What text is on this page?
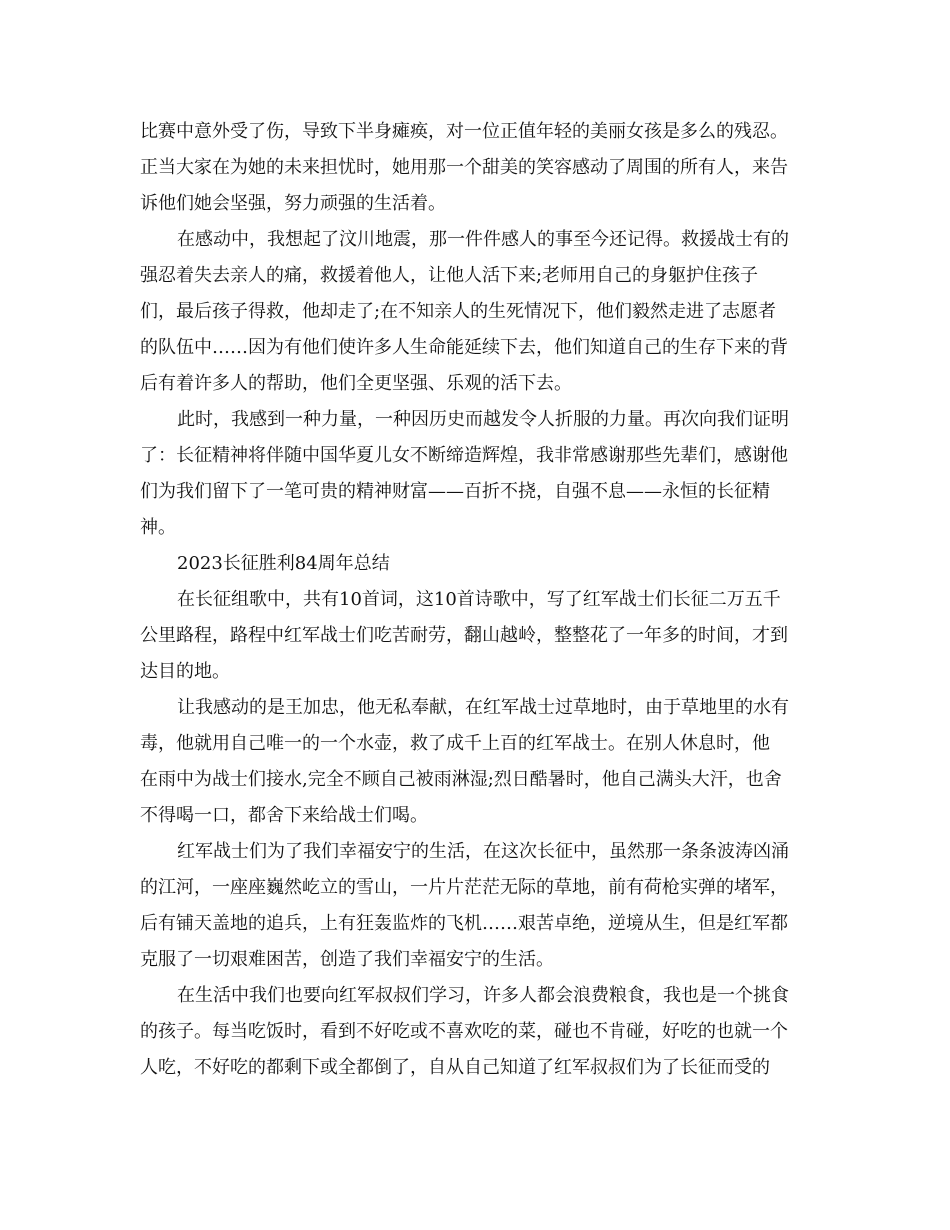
比赛中意外受了伤，导致下半身瘫痪，对一位正值年轻的美丽女孩是多么的残忍。

正当大家在为她的未来担忧时，她用那一个甜美的笑容感动了周围的所有人，来告

诉他们她会坚强，努力顽强的生活着。

在感动中，我想起了汶川地震，那一件件感人的事至今还记得。救援战士有的

强忍着失去亲人的痛，救援着他人，让他人活下来;老师用自己的身躯护住孩子

们，最后孩子得救，他却走了;在不知亲人的生死情况下，他们毅然走进了志愿者

的队伍中……因为有他们使许多人生命能延续下去，他们知道自己的生存下来的背

后有着许多人的帮助，他们全更坚强、乐观的活下去。

此时，我感到一种力量，一种因历史而越发令人折服的力量。再次向我们证明

了：长征精神将伴随中国华夏儿女不断缔造辉煌，我非常感谢那些先辈们，感谢他

们为我们留下了一笔可贵的精神财富——百折不挠，自强不息——永恒的长征精

神。

2023长征胜利84周年总结

在长征组歌中，共有10首词，这10首诗歌中，写了红军战士们长征二万五千

公里路程，路程中红军战士们吃苦耐劳，翻山越岭，整整花了一年多的时间，才到

达目的地。

让我感动的是王加忠，他无私奉献，在红军战士过草地时，由于草地里的水有

毒，他就用自己唯一的一个水壶，救了成千上百的红军战士。在别人休息时，他

在雨中为战士们接水,完全不顾自己被雨淋湿;烈日酷暑时，他自己满头大汗，也舍

不得喝一口，都舍下来给战士们喝。

红军战士们为了我们幸福安宁的生活，在这次长征中，虽然那一条条波涛凶涌

的江河，一座座巍然屹立的雪山，一片片茫茫无际的草地，前有荷枪实弹的堵军，

后有铺天盖地的追兵，上有狂轰监炸的飞机……艰苦卓绝，逆境从生，但是红军都

克服了一切艰难困苦，创造了我们幸福安宁的生活。

在生活中我们也要向红军叔叔们学习，许多人都会浪费粮食，我也是一个挑食

的孩子。每当吃饭时，看到不好吃或不喜欢吃的菜，碰也不肯碰，好吃的也就一个

人吃，不好吃的都剩下或全都倒了，自从自己知道了红军叔叔们为了长征而受的
